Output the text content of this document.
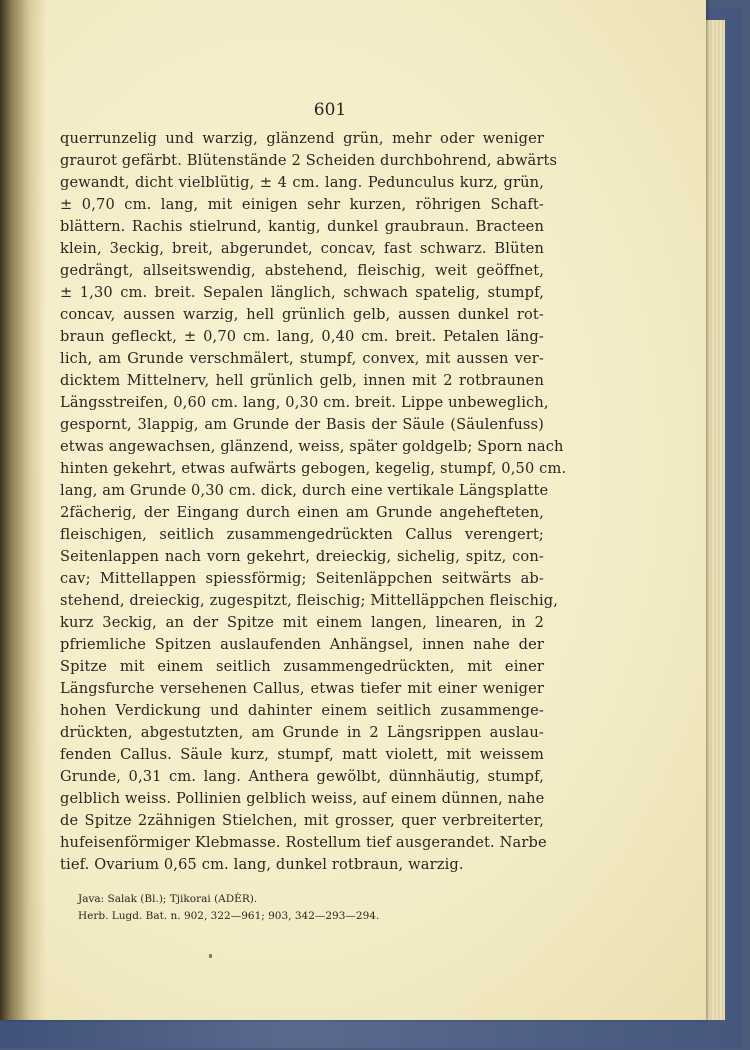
601
querrunzelig und warzig, glänzend grün, mehr oder weniger
graurot gefärbt. Blütenstände 2 Scheiden durchbohrend, abwärts
gewandt, dicht vielblütig, ± 4 cm. lang. Pedunculus kurz, grün,
± 0,70 cm. lang, mit einigen sehr kurzen, röhrigen Schaft-
blättern. Rachis stielrund, kantig, dunkel graubraun. Bracteen
klein, 3eckig, breit, abgerundet, concav, fast schwarz. Blüten
gedrängt, allseitswendig, abstehend, fleischig, weit geöffnet,
± 1,30 cm. breit. Sepalen länglich, schwach spatelig, stumpf,
concav, aussen warzig, hell grünlich gelb, aussen dunkel rot-
braun gefleckt, ± 0,70 cm. lang, 0,40 cm. breit. Petalen läng-
lich, am Grunde verschmälert, stumpf, convex, mit aussen ver-
dicktem Mittelnerv, hell grünlich gelb, innen mit 2 rotbraunen
Längsstreifen, 0,60 cm. lang, 0,30 cm. breit. Lippe unbeweglich,
gespornt, 3lappig, am Grunde der Basis der Säule (Säulenfuss)
etwas angewachsen, glänzend, weiss, später goldgelb; Sporn nach
hinten gekehrt, etwas aufwärts gebogen, kegelig, stumpf, 0,50 cm.
lang, am Grunde 0,30 cm. dick, durch eine vertikale Längsplatte
2fächerig, der Eingang durch einen am Grunde angehefteten,
fleischigen, seitlich zusammengedrückten Callus verengert;
Seitenlappen nach vorn gekehrt, dreieckig, sichelig, spitz, con-
cav; Mittellappen spiessförmig; Seitenläppchen seitwärts ab-
stehend, dreieckig, zugespitzt, fleischig; Mittelläppchen fleischig,
kurz 3eckig, an der Spitze mit einem langen, linearen, in 2
pfriemliche Spitzen auslaufenden Anhängsel, innen nahe der
Spitze mit einem seitlich zusammengedrückten, mit einer
Längsfurche versehenen Callus, etwas tiefer mit einer weniger
hohen Verdickung und dahinter einem seitlich zusammenge-
drückten, abgestutzten, am Grunde in 2 Längsrippen auslau-
fenden Callus. Säule kurz, stumpf, matt violett, mit weissem
Grunde, 0,31 cm. lang. Anthera gewölbt, dünnhäutig, stumpf,
gelblich weiss. Pollinien gelblich weiss, auf einem dünnen, nahe
de Spitze 2zähnigen Stielchen, mit grosser, quer verbreiterter,
hufeisenförmiger Klebmasse. Rostellum tief ausgerandet. Narbe
tief. Ovarium 0,65 cm. lang, dunkel rotbraun, warzig.
Java: Salak (Bl.); Tjikorai (ADÈR).
Herb. Lugd. Bat. n. 902, 322—961; 903, 342—293—294.
